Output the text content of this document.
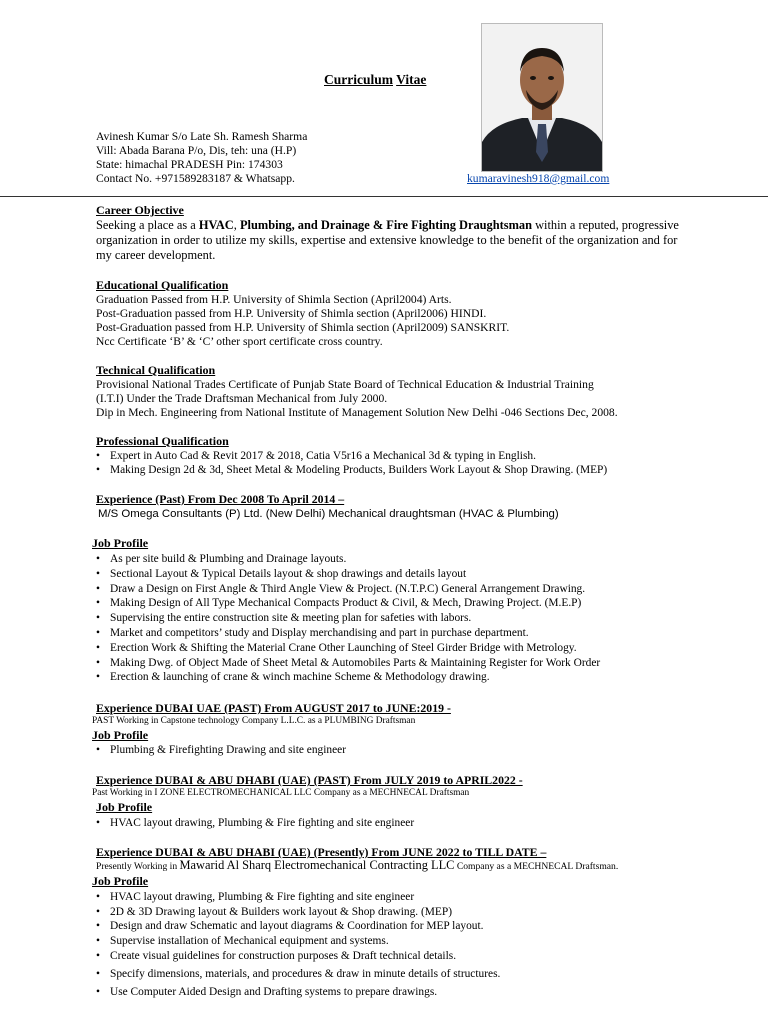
Curriculum Vitae
Avinesh Kumar S/o Late Sh. Ramesh Sharma
Vill: Abada Barana P/o, Dis, teh: una (H.P)
State: himachal PRADESH Pin: 174303
Contact No. +971589283187 & Whatsapp.	kumaravinesh918@gmail.com
Career Objective
Seeking a place as a HVAC, Plumbing, and Drainage & Fire Fighting Draughtsman within a reputed, progressive organization in order to utilize my skills, expertise and extensive knowledge to the benefit of the organization and for my career development.
Educational Qualification
Graduation Passed from H.P. University of Shimla Section (April2004) Arts.
Post-Graduation passed from H.P. University of Shimla section (April2006) HINDI.
Post-Graduation passed from H.P. University of Shimla section (April2009) SANSKRIT.
Ncc Certificate ‘B’ & ‘C’ other sport certificate cross country.
Technical Qualification
Provisional National Trades Certificate of Punjab State Board of Technical Education & Industrial Training
(I.T.I) Under the Trade Draftsman Mechanical from July 2000.
Dip in Mech. Engineering from National Institute of Management Solution New Delhi -046 Sections Dec, 2008.
Professional Qualification
• Expert in Auto Cad & Revit 2017 & 2018, Catia V5r16 a Mechanical 3d & typing in English.
• Making Design 2d & 3d, Sheet Metal & Modeling Products, Builders Work Layout & Shop Drawing. (MEP)
Experience (Past) From Dec 2008 To April 2014 –
M/S Omega Consultants (P) Ltd. (New Delhi) Mechanical draughtsman (HVAC & Plumbing)
Job Profile
• As per site build & Plumbing and Drainage layouts.
• Sectional Layout & Typical Details layout & shop drawings and details layout
• Draw a Design on First Angle & Third Angle View & Project. (N.T.P.C) General Arrangement Drawing.
• Making Design of All Type Mechanical Compacts Product & Civil, & Mech, Drawing Project. (M.E.P)
• Supervising the entire construction site & meeting plan for safeties with labors.
• Market and competitors’ study and Display merchandising and part in purchase department.
• Erection Work & Shifting the Material Crane Other Launching of Steel Girder Bridge with Metrology.
• Making Dwg. of Object Made of Sheet Metal & Automobiles Parts & Maintaining Register for Work Order
• Erection & launching of crane & winch machine Scheme & Methodology drawing.
Experience DUBAI UAE (PAST) From AUGUST 2017 to JUNE:2019 -
PAST Working in Capstone technology Company L.L.C. as a PLUMBING Draftsman
Job Profile
• Plumbing & Firefighting Drawing and site engineer
Experience DUBAI & ABU DHABI (UAE) (PAST) From JULY 2019 to APRIL2022 -
Past Working in I ZONE ELECTROMECHANICAL LLC Company as a MECHNECAL Draftsman
Job Profile
• HVAC layout drawing, Plumbing & Fire fighting and site engineer
Experience DUBAI & ABU DHABI (UAE) (Presently) From JUNE 2022 to TILL DATE –
Presently Working in Mawarid Al Sharq Electromechanical Contracting LLC Company as a MECHNECAL Draftsman.
Job Profile
• HVAC layout drawing, Plumbing & Fire fighting and site engineer
• 2D & 3D Drawing layout & Builders work layout & Shop drawing. (MEP)
• Design and draw Schematic and layout diagrams & Coordination for MEP layout.
• Supervise installation of Mechanical equipment and systems.
• Create visual guidelines for construction purposes & Draft technical details.
• Specify dimensions, materials, and procedures & draw in minute details of structures.
• Use Computer Aided Design and Drafting systems to prepare drawings.
